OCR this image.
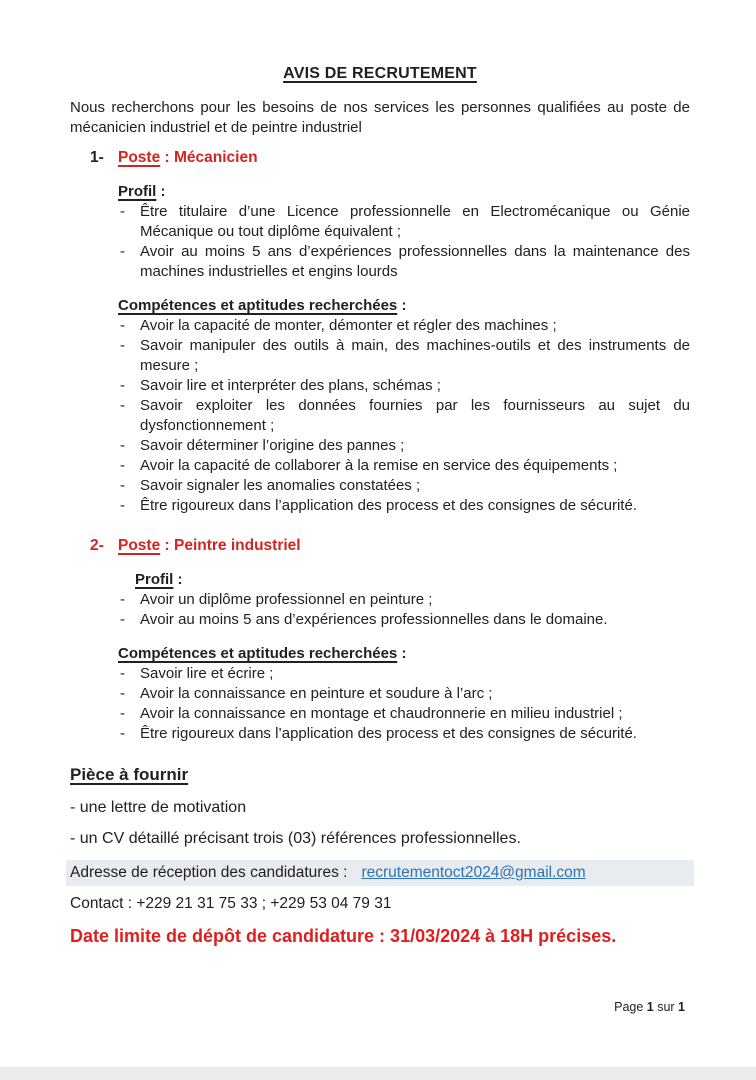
AVIS DE RECRUTEMENT

Nous recherchons pour les besoins de nos services les personnes qualifiées au poste de mécanicien industriel et de peintre industriel

1- Poste : Mécanicien
Profil :
- Être titulaire d’une Licence professionnelle en Electromécanique ou Génie Mécanique ou tout diplôme équivalent ;
- Avoir au moins 5 ans d’expériences professionnelles dans la maintenance des machines industrielles et engins lourds
Compétences et aptitudes recherchées :
- Avoir la capacité de monter, démonter et régler des machines ;
- Savoir manipuler des outils à main, des machines-outils et des instruments de mesure ;
- Savoir lire et interpréter des plans, schémas ;
- Savoir exploiter les données fournies par les fournisseurs au sujet du dysfonctionnement ;
- Savoir déterminer l’origine des pannes ;
- Avoir la capacité de collaborer à la remise en service des équipements ;
- Savoir signaler les anomalies constatées ;
- Être rigoureux dans l’application des process et des consignes de sécurité.
2- Poste : Peintre industriel
Profil :
- Avoir un diplôme professionnel en peinture ;
- Avoir au moins 5 ans d’expériences professionnelles dans le domaine.
Compétences et aptitudes recherchées :
- Savoir lire et écrire ;
- Avoir la connaissance en peinture et soudure à l’arc ;
- Avoir la connaissance en montage et chaudronnerie en milieu industriel ;
- Être rigoureux dans l’application des process et des consignes de sécurité.
Pièce à fournir
- une lettre de motivation
- un CV détaillé précisant trois (03) références professionnelles.
Adresse de réception des candidatures : recrutementoct2024@gmail.com
Contact : +229 21 31 75 33 ; +229 53 04 79 31
Date limite de dépôt de candidature : 31/03/2024 à 18H précises.
Page 1 sur 1
